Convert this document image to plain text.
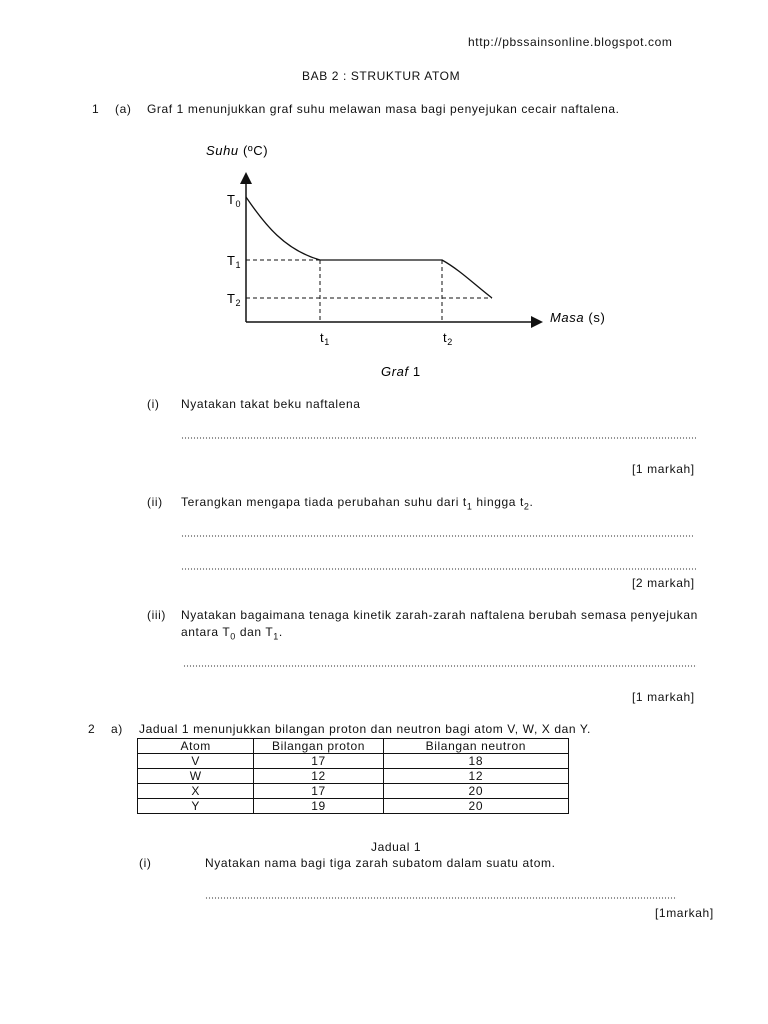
http://pbssainsonline.blogspot.com
BAB 2 : STRUKTUR ATOM
1 (a) Graf 1 menunjukkan graf suhu melawan masa bagi penyejukan cecair naftalena.
Suhu (ºC)
Masa (s)
$T_0$
$T_1$
$T_2$
$t_1$	$t_2$
Graf 1
(i) Nyatakan takat beku naftalena
[1 markah]
(ii) Terangkan mengapa tiada perubahan suhu dari $t_1$ hingga $t_2$.
[2 markah]
(iii) Nyatakan bagaimana tenaga kinetik zarah-zarah naftalena berubah semasa penyejukan
antara $T_0$ dan $T_1$.
[1 markah]
2 a) Jadual 1 menunjukkan bilangan proton dan neutron bagi atom V, W, X dan Y.
Atom	Bilangan proton	Bilangan neutron
V	17	18
W	12	12
X	17	20
Y	19	20
Jadual 1
(i)	Nyatakan nama bagi tiga zarah subatom dalam suatu atom.
[1markah]
